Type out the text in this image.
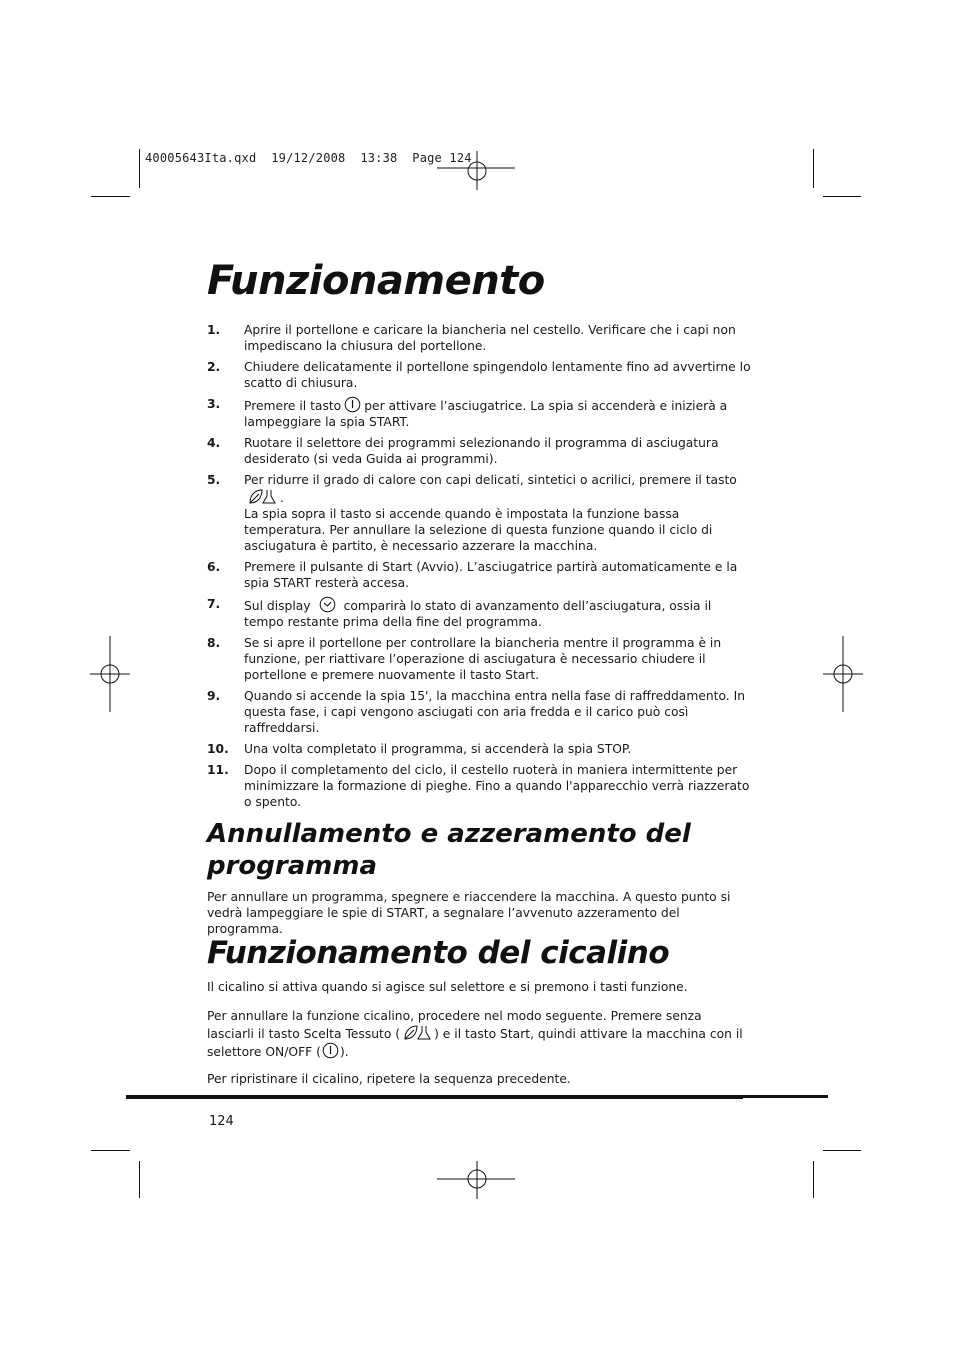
40005643Ita.qxd  19/12/2008  13:38  Page 124
Funzionamento
1. Aprire il portellone e caricare la biancheria nel cestello. Verificare che i capi non impediscano la chiusura del portellone.
2. Chiudere delicatamente il portellone spingendolo lentamente fino ad avvertirne lo scatto di chiusura.
3. Premere il tasto per attivare l’asciugatrice. La spia si accenderà e inizierà a lampeggiare la spia START.
4. Ruotare il selettore dei programmi selezionando il programma di asciugatura desiderato (si veda Guida ai programmi).
5. Per ridurre il grado di calore con capi delicati, sintetici o acrilici, premere il tasto.
La spia sopra il tasto si accende quando è impostata la funzione bassa temperatura. Per annullare la selezione di questa funzione quando il ciclo di asciugatura è partito, è necessario azzerare la macchina.
6. Premere il pulsante di Start (Avvio). L’asciugatrice partirà automaticamente e la spia START resterà accesa.
7. Sul display	comparirà lo stato di avanzamento dell’asciugatura, ossia il tempo restante prima della fine del programma.
8. Se si apre il portellone per controllare la biancheria mentre il programma è in funzione, per riattivare l’operazione di asciugatura è necessario chiudere il portellone e premere nuovamente il tasto Start.
9. Quando si accende la spia 15', la macchina entra nella fase di raffreddamento. In questa fase, i capi vengono asciugati con aria fredda e il carico può così raffreddarsi.
10. Una volta completato il programma, si accenderà la spia STOP.
11. Dopo il completamento del ciclo, il cestello ruoterà in maniera intermittente per minimizzare la formazione di pieghe. Fino a quando l'apparecchio verrà riazzerato o spento.
Annullamento e azzeramento del programma

Per annullare un programma, spegnere e riaccendere la macchina. A questo punto si vedrà lampeggiare le spie di START, a segnalare l’avvenuto azzeramento del programma.

Funzionamento del cicalino

Il cicalino si attiva quando si agisce sul selettore e si premono i tasti funzione.

Per annullare la funzione cicalino, procedere nel modo seguente. Premere senza lasciarli il tasto Scelta Tessuto (	) e il tasto Start, quindi attivare la macchina con il selettore ON/OFF ( ).

Per ripristinare il cicalino, ripetere la sequenza precedente.

124
